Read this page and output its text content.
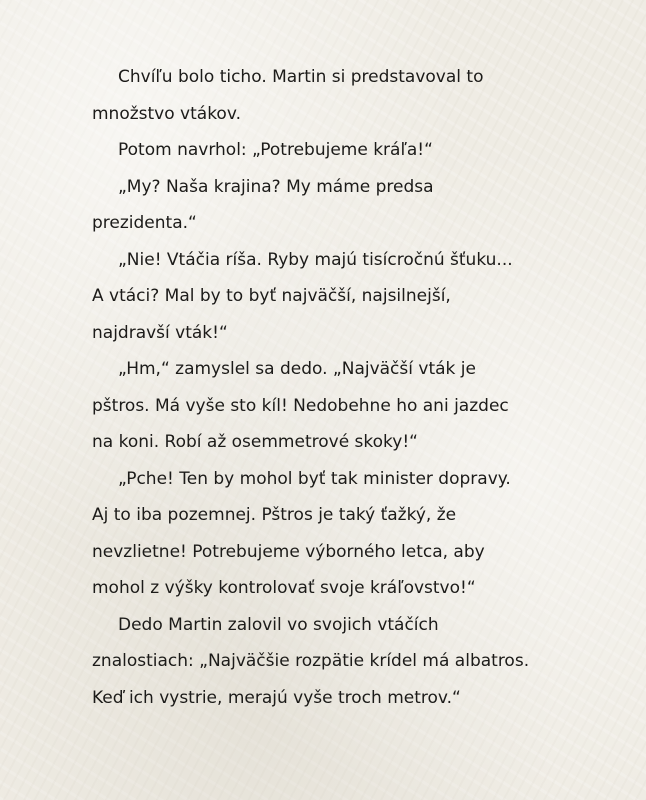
Chvíľu bolo ticho. Martin si predstavoval to
množstvo vtákov.

Potom navrhol: „Potrebujeme kráľa!“

„My? Naša krajina? My máme predsa
prezidenta.“

„Nie! Vtáčia ríša. Ryby majú tisícročnú šťuku...
A vtáci? Mal by to byť najväčší, najsilnejší,
najdravší vták!“

„Hm,“ zamyslel sa dedo. „Najväčší vták je
pštros. Má vyše sto kíl! Nedobehne ho ani jazdec
na koni. Robí až osemmetrové skoky!“

„Pche! Ten by mohol byť tak minister dopravy.
Aj to iba pozemnej. Pštros je taký ťažký, že
nevzlietne! Potrebujeme výborného letca, aby
mohol z výšky kontrolovať svoje kráľovstvo!“

Dedo Martin zalovil vo svojich vtáčích
znalostiach: „Najväčšie rozpätie krídel má albatros.
Keď ich vystrie, merajú vyše troch metrov.“
